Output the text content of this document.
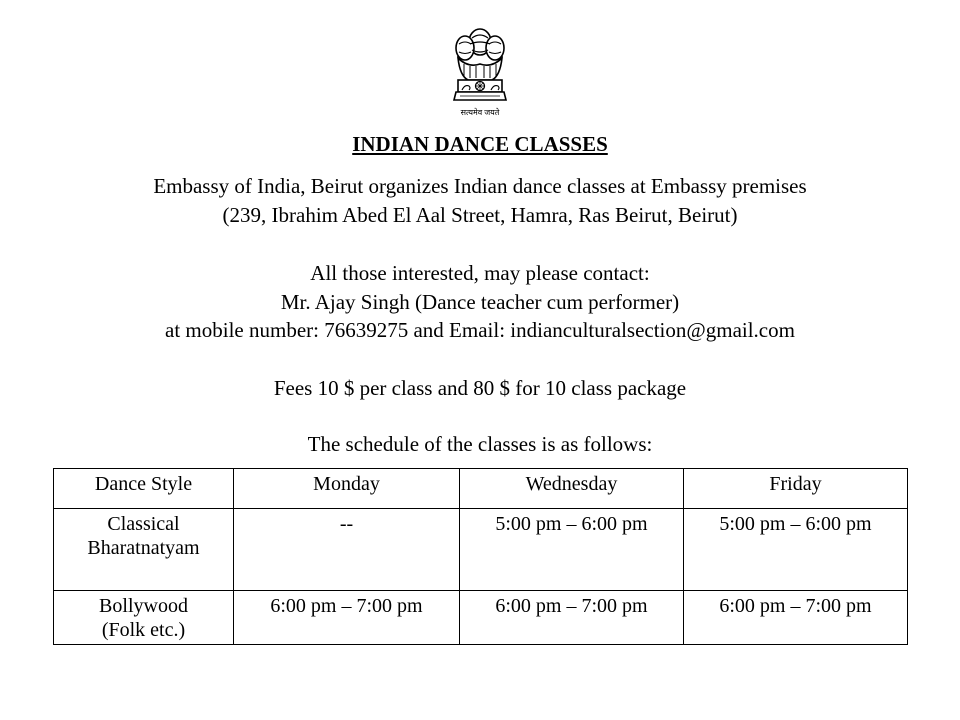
सत्यमेव जयते
INDIAN DANCE CLASSES
Embassy of India, Beirut organizes Indian dance classes at Embassy premises
(239, Ibrahim Abed El Aal Street, Hamra, Ras Beirut, Beirut)
All those interested, may please contact:
Mr. Ajay Singh (Dance teacher cum performer)
at mobile number: 76639275 and Email: indianculturalsection@gmail.com
Fees 10 $ per class and 80 $ for 10 class package
The schedule of the classes is as follows:
Dance Style	Monday	Wednesday	Friday

Classical
Bharatnatyam	--	5:00 pm – 6:00 pm	5:00 pm – 6:00 pm

Bollywood
(Folk etc.)	6:00 pm – 7:00 pm	6:00 pm – 7:00 pm	6:00 pm – 7:00 pm
